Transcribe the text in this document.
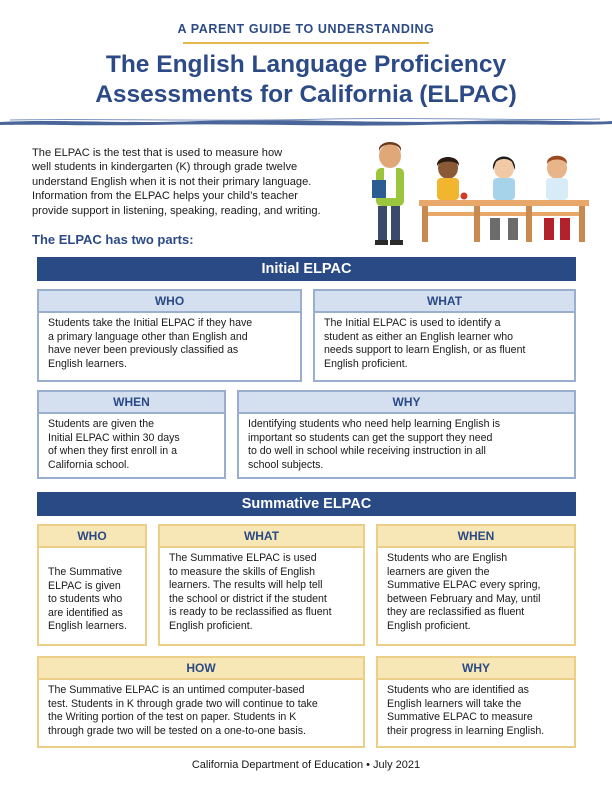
A PARENT GUIDE TO UNDERSTANDING
The English Language Proficiency
Assessments for California (ELPAC)
The ELPAC is the test that is used to measure how
well students in kindergarten (K) through grade twelve
understand English when it is not their primary language.
Information from the ELPAC helps your child’s teacher
provide support in listening, speaking, reading, and writing.
The ELPAC has two parts:
Initial ELPAC
WHO
Students take the Initial ELPAC if they have
a primary language other than English and
have never been previously classified as
English learners.
WHAT
The Initial ELPAC is used to identify a
student as either an English learner who
needs support to learn English, or as fluent
English proficient.
WHEN
Students are given the
Initial ELPAC within 30 days
of when they first enroll in a
California school.
WHY
Identifying students who need help learning English is
important so students can get the support they need
to do well in school while receiving instruction in all
school subjects.
Summative ELPAC
WHO
The Summative
ELPAC is given
to students who
are identified as
English learners.
WHAT
The Summative ELPAC is used
to measure the skills of English
learners. The results will help tell
the school or district if the student
is ready to be reclassified as fluent
English proficient.
WHEN
Students who are English
learners are given the
Summative ELPAC every spring,
between February and May, until
they are reclassified as fluent
English proficient.
HOW
The Summative ELPAC is an untimed computer-based
test. Students in K through grade two will continue to take
the Writing portion of the test on paper. Students in K
through grade two will be tested on a one-to-one basis.
WHY
Students who are identified as
English learners will take the
Summative ELPAC to measure
their progress in learning English.
California Department of Education • July 2021
